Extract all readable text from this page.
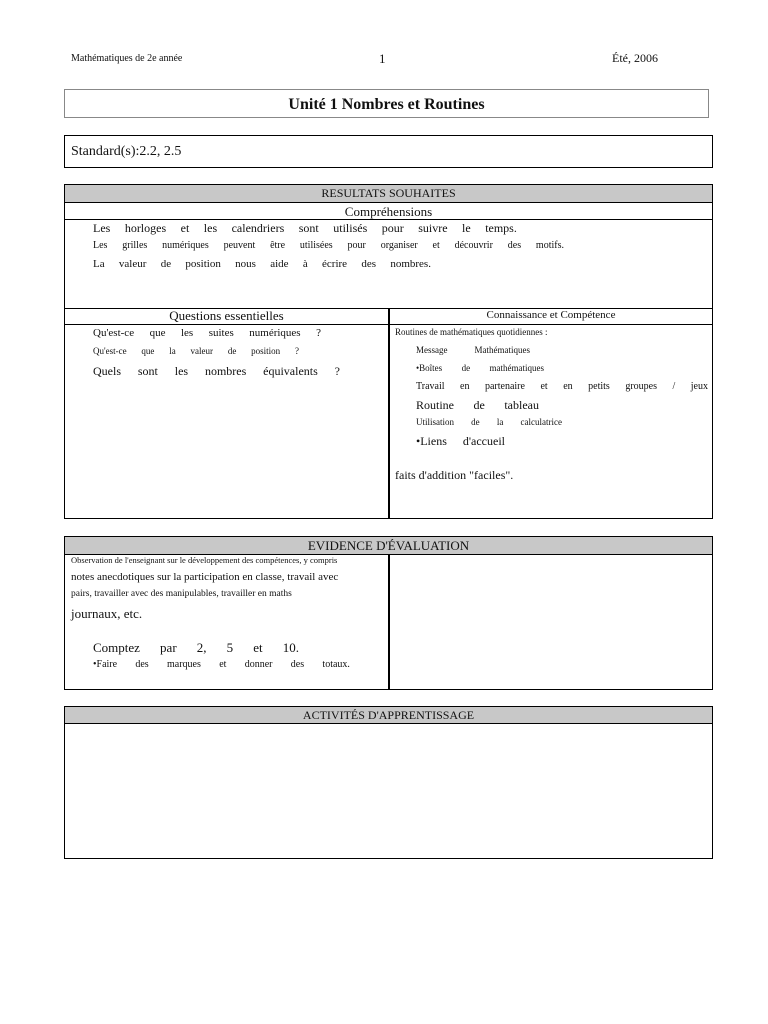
Mathématiques de 2e année	1	Été, 2006
Unité 1 Nombres et Routines
Standard(s):2.2, 2.5
RESULTATS SOUHAITES
Compréhensions
Les horloges et les calendriers sont utilisés pour suivre le temps.
Les grilles numériques peuvent être utilisées pour organiser et découvrir des motifs.
La valeur de position nous aide à écrire des nombres.
Questions essentielles	Connaissance et Compétence
Qu'est-ce que les suites numériques ?
Qu'est-ce que la valeur de position ?
Quels sont les nombres équivalents ?
Routines de mathématiques quotidiennes :
Message	Mathématiques
•Boîtes de mathématiques
Travail en partenaire et en petits groupes / jeux
Routine de tableau
Utilisation de la calculatrice
•Liens d'accueil
faits d'addition "faciles".
EVIDENCE D'ÉVALUATION
Observation de l'enseignant sur le développement des compétences, y compris
notes anecdotiques sur la participation en classe, travail avec
pairs, travailler avec des manipulables, travailler en maths
journaux, etc.
Comptez par 2, 5 et 10.
•Faire des marques et donner des totaux.
ACTIVITÉS D'APPRENTISSAGE
